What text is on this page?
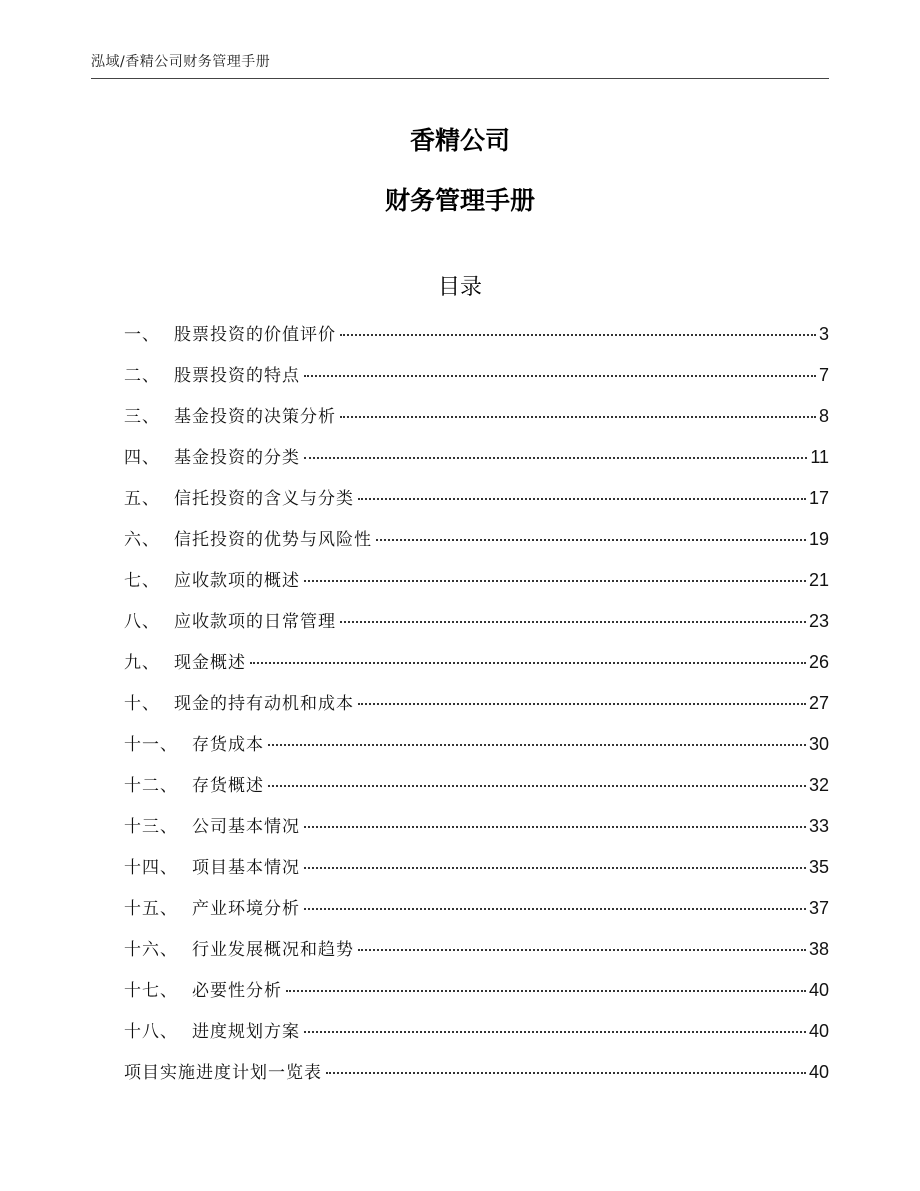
泓域/香精公司财务管理手册
香精公司
财务管理手册
目录
一、 股票投资的价值评价	3
二、 股票投资的特点	7
三、 基金投资的决策分析	8
四、 基金投资的分类	11
五、 信托投资的含义与分类	17
六、 信托投资的优势与风险性	19
七、 应收款项的概述	21
八、 应收款项的日常管理	23
九、 现金概述	26
十、 现金的持有动机和成本	27
十一、 存货成本	30
十二、 存货概述	32
十三、 公司基本情况	33
十四、 项目基本情况	35
十五、 产业环境分析	37
十六、 行业发展概况和趋势	38
十七、 必要性分析	40
十八、 进度规划方案	40
项目实施进度计划一览表	40
